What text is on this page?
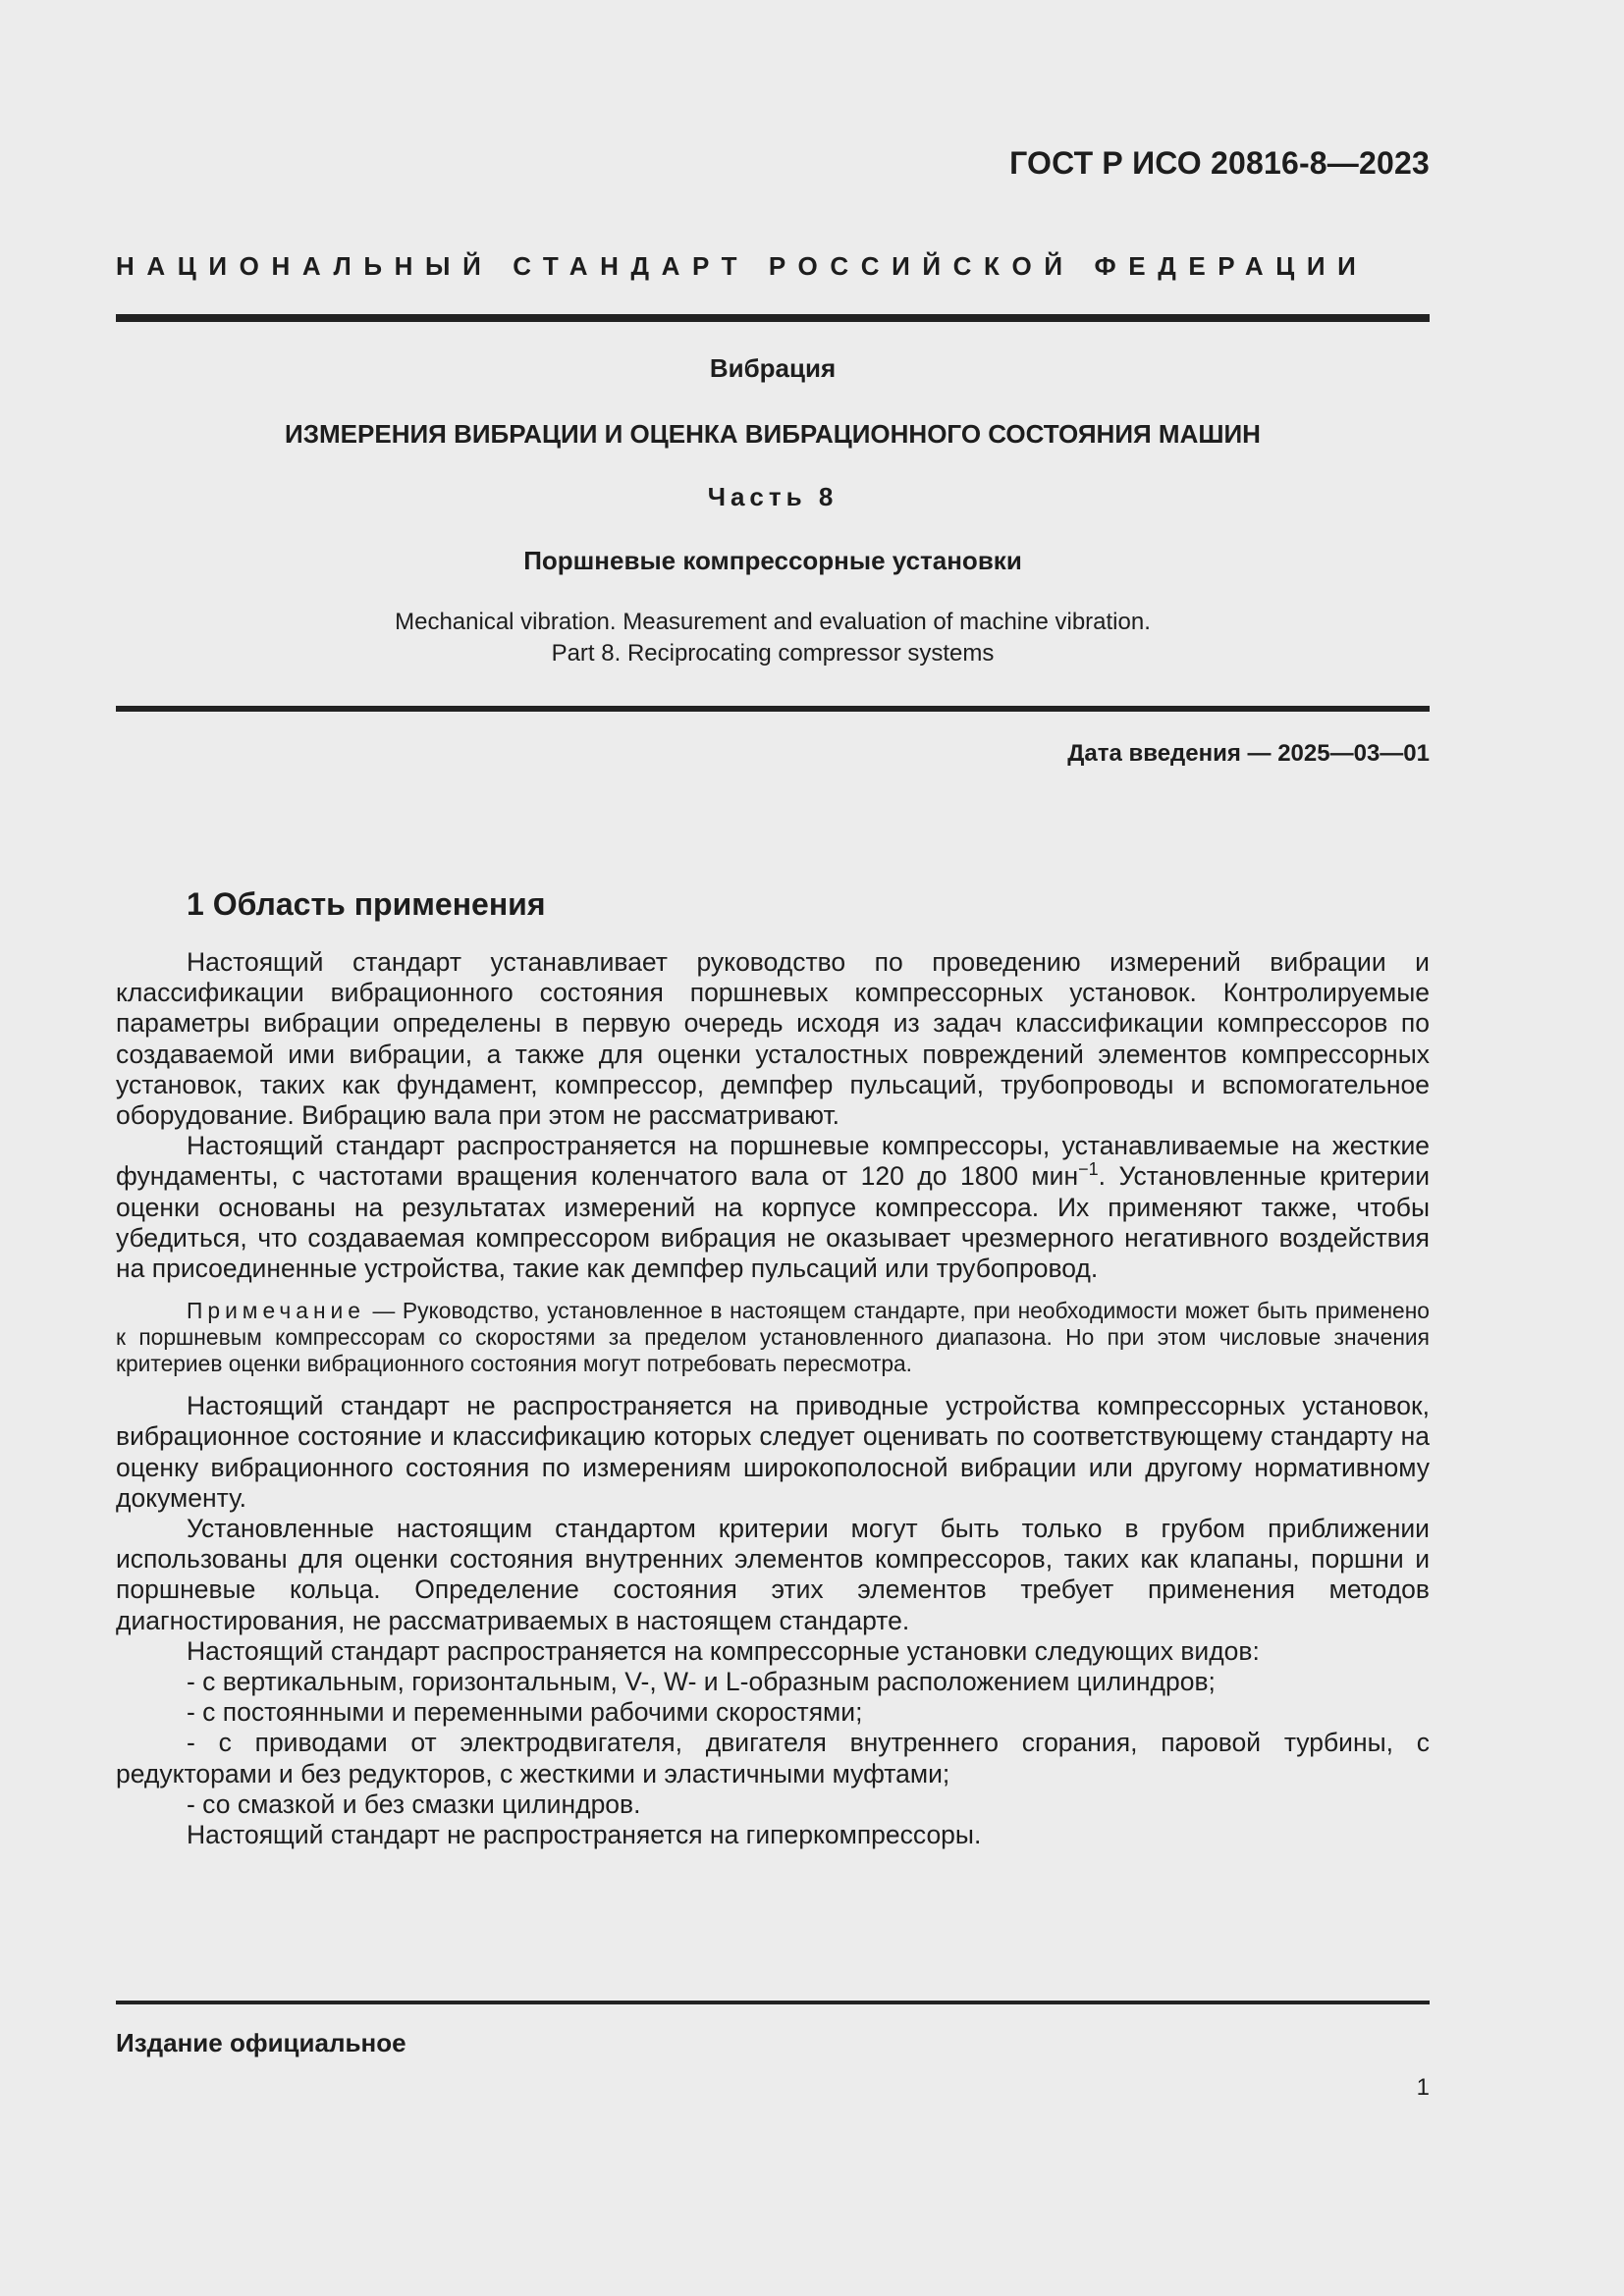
ГОСТ Р ИСО 20816-8—2023
НАЦИОНАЛЬНЫЙ СТАНДАРТ РОССИЙСКОЙ ФЕДЕРАЦИИ
Вибрация
ИЗМЕРЕНИЯ ВИБРАЦИИ И ОЦЕНКА ВИБРАЦИОННОГО СОСТОЯНИЯ МАШИН
Часть 8
Поршневые компрессорные установки
Mechanical vibration. Measurement and evaluation of machine vibration.
Part 8. Reciprocating compressor systems
Дата введения — 2025—03—01
1 Область применения

Настоящий стандарт устанавливает руководство по проведению измерений вибрации и классификации вибрационного состояния поршневых компрессорных установок. Контролируемые параметры вибрации определены в первую очередь исходя из задач классификации компрессоров по создаваемой ими вибрации, а также для оценки усталостных повреждений элементов компрессорных установок, таких как фундамент, компрессор, демпфер пульсаций, трубопроводы и вспомогательное оборудование. Вибрацию вала при этом не рассматривают.

Настоящий стандарт распространяется на поршневые компрессоры, устанавливаемые на жесткие фундаменты, с частотами вращения коленчатого вала от 120 до 1800 мин$^{-1}$. Установленные критерии оценки основаны на результатах измерений на корпусе компрессора. Их применяют также, чтобы убедиться, что создаваемая компрессором вибрация не оказывает чрезмерного негативного воздействия на присоединенные устройства, такие как демпфер пульсаций или трубопровод.

Примечание — Руководство, установленное в настоящем стандарте, при необходимости может быть применено к поршневым компрессорам со скоростями за пределом установленного диапазона. Но при этом числовые значения критериев оценки вибрационного состояния могут потребовать пересмотра.

Настоящий стандарт не распространяется на приводные устройства компрессорных установок, вибрационное состояние и классификацию которых следует оценивать по соответствующему стандарту на оценку вибрационного состояния по измерениям широкополосной вибрации или другому нормативному документу.

Установленные настоящим стандартом критерии могут быть только в грубом приближении использованы для оценки состояния внутренних элементов компрессоров, таких как клапаны, поршни и поршневые кольца. Определение состояния этих элементов требует применения методов диагностирования, не рассматриваемых в настоящем стандарте.

Настоящий стандарт распространяется на компрессорные установки следующих видов:

- с вертикальным, горизонтальным, V-, W- и L-образным расположением цилиндров;

- с постоянными и переменными рабочими скоростями;

- с приводами от электродвигателя, двигателя внутреннего сгорания, паровой турбины, с редукторами и без редукторов, с жесткими и эластичными муфтами;

- со смазкой и без смазки цилиндров.

Настоящий стандарт не распространяется на гиперкомпрессоры.

Издание официальное
1
